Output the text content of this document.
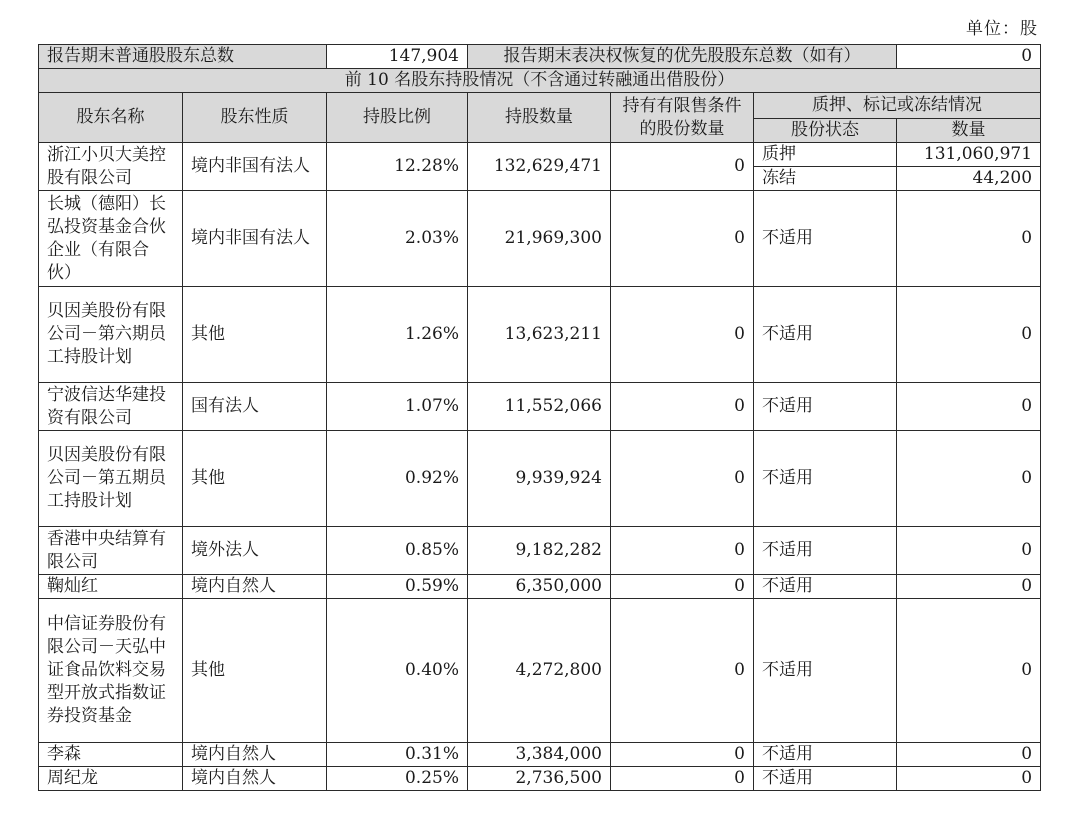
单位：股
报告期末普通股股东总数		147,904	报告期末表决权恢复的优先股股东总数（如有）			0
前 10 名股东持股情况（不含通过转融通出借股份）						
股东名称	股东性质	持股比例	持股数量	持有有限售条件的股份数量	质押、标记或冻结情况	
					股份状态	数量
浙江小贝大美控股有限公司	境内非国有法人	12.28%	132,629,471	0	质押	131,060,971
					冻结	44,200
长城（德阳）长弘投资基金合伙企业（有限合伙）	境内非国有法人	2.03%	21,969,300	0	不适用	0
贝因美股份有限公司－第六期员工持股计划	其他	1.26%	13,623,211	0	不适用	0
宁波信达华建投资有限公司	国有法人	1.07%	11,552,066	0	不适用	0
贝因美股份有限公司－第五期员工持股计划	其他	0.92%	9,939,924	0	不适用	0
香港中央结算有限公司	境外法人	0.85%	9,182,282	0	不适用	0
鞠灿红	境内自然人	0.59%	6,350,000	0	不适用	0
中信证券股份有限公司－天弘中证食品饮料交易型开放式指数证券投资基金	其他	0.40%	4,272,800	0	不适用	0
李森	境内自然人	0.31%	3,384,000	0	不适用	0
周纪龙	境内自然人	0.25%	2,736,500	0	不适用	0
